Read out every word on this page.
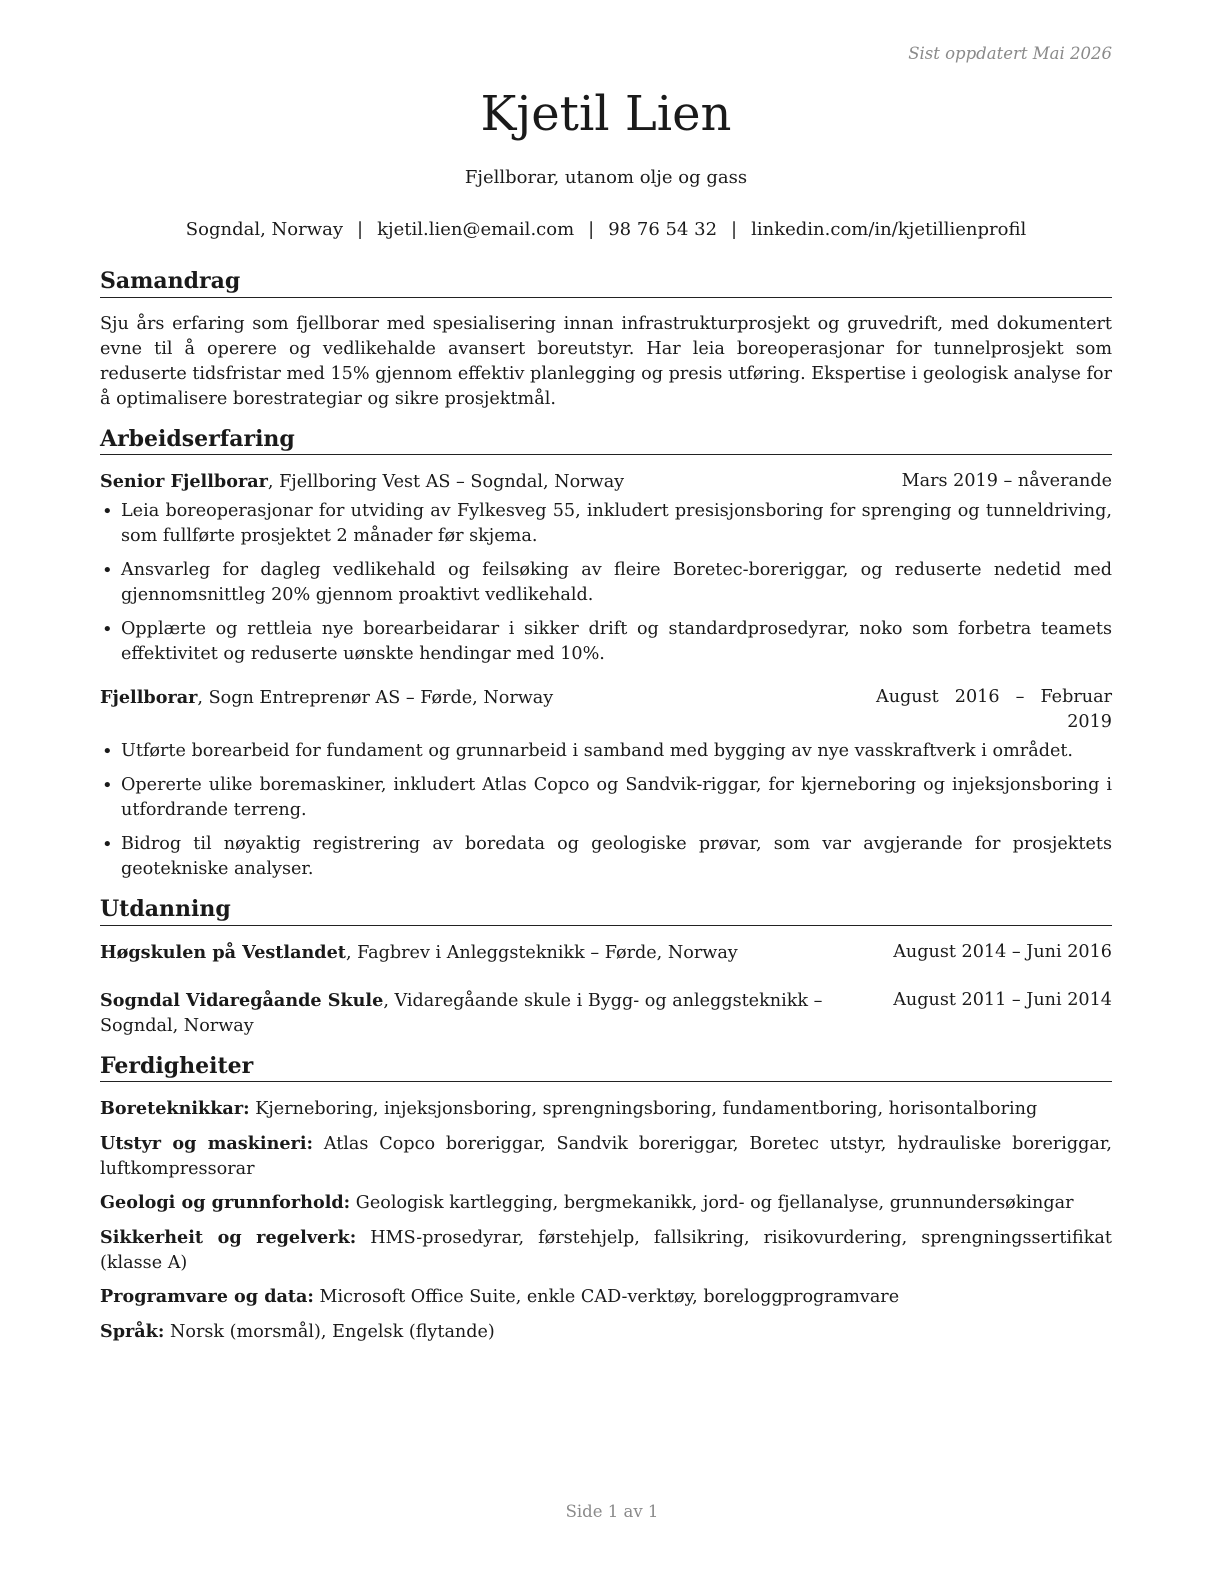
Sist oppdatert Mai 2026
Kjetil Lien
Fjellborar, utanom olje og gass
Sogndal, Norway | kjetil.lien@email.com | 98 76 54 32 | linkedin.com/in/kjetillienprofil
Samandrag

Sju års erfaring som fjellborar med spesialisering innan infrastrukturprosjekt og gruvedrift, med dokumentert evne til å operere og vedlikehalde avansert boreutstyr. Har leia boreoperasjonar for tunnelprosjekt som reduserte tidsfristar med 15% gjennom effektiv planlegging og presis utføring. Ekspertise i geologisk analyse for å optimalisere borestrategiar og sikre prosjektmål.

Arbeidserfaring
Senior Fjellborar, Fjellboring Vest AS – Sogndal, Norway	Mars 2019 – nåverande
• Leia boreoperasjonar for utviding av Fylkesveg 55, inkludert presisjonsboring for sprenging og tunneldriving, som fullførte prosjektet 2 månader før skjema.
• Ansvarleg for dagleg vedlikehald og feilsøking av fleire Boretec-boreriggar, og reduserte nedetid med gjennomsnittleg 20% gjennom proaktivt vedlikehald.
• Opplærte og rettleia nye borearbeidarar i sikker drift og standardprosedyrar, noko som forbetra teamets effektivitet og reduserte uønskte hendingar med 10%.
Fjellborar, Sogn Entreprenør AS – Førde, Norway	August 2016 – Februar 2019
• Utførte borearbeid for fundament og grunnarbeid i samband med bygging av nye vasskraftverk i området.
• Opererte ulike boremaskiner, inkludert Atlas Copco og Sandvik-riggar, for kjerneboring og injeksjonsboring i utfordrande terreng.
• Bidrog til nøyaktig registrering av boredata og geologiske prøvar, som var avgjerande for prosjektets geotekniske analyser.
Utdanning
Høgskulen på Vestlandet, Fagbrev i Anleggsteknikk – Førde, Norway	August 2014 – Juni 2016
Sogndal Vidaregåande Skule, Vidaregåande skule i Bygg- og anleggsteknikk – Sogndal, Norway
August 2011 – Juni 2014
Ferdigheiter
Boreteknikkar: Kjerneboring, injeksjonsboring, sprengningsboring, fundamentboring, horisontalboring
Utstyr og maskineri: Atlas Copco boreriggar, Sandvik boreriggar, Boretec utstyr, hydrauliske boreriggar, luftkompressorar
Geologi og grunnforhold: Geologisk kartlegging, bergmekanikk, jord- og fjellanalyse, grunnundersøkingar
Sikkerheit og regelverk: HMS-prosedyrar, førstehjelp, fallsikring, risikovurdering, sprengningssertifikat (klasse A)
Programvare og data: Microsoft Office Suite, enkle CAD-verktøy, boreloggprogramvare
Språk: Norsk (morsmål), Engelsk (flytande)
Side 1 av 1
